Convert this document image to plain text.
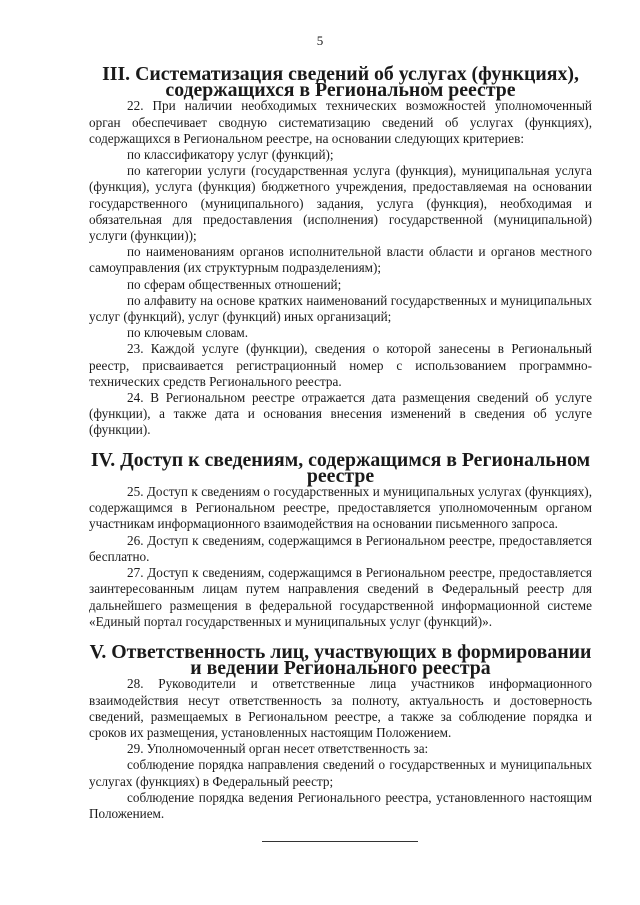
5
III. Систематизация сведений об услугах (функциях),
содержащихся в Региональном реестре

22. При наличии необходимых технических возможностей уполномоченный орган обеспечивает сводную систематизацию сведений об услугах (функциях), содержащихся в Региональном реестре, на основании следующих критериев:

по классификатору услуг (функций);

по категории услуги (государственная услуга (функция), муниципальная услуга (функция), услуга (функция) бюджетного учреждения, предоставляемая на основании государственного (муниципального) задания, услуга (функция), необходимая и обязательная для предоставления (исполнения) государственной (муниципальной) услуги (функции));

по наименованиям органов исполнительной власти области и органов местного самоуправления (их структурным подразделениям);

по сферам общественных отношений;

по алфавиту на основе кратких наименований государственных и муниципальных услуг (функций), услуг (функций) иных организаций;

по ключевым словам.

23. Каждой услуге (функции), сведения о которой занесены в Региональный реестр, присваивается регистрационный номер с использованием программно-технических средств Регионального реестра.

24. В Региональном реестре отражается дата размещения сведений об услуге (функции), а также дата и основания внесения изменений в сведения об услуге (функции).

IV. Доступ к сведениям, содержащимся в Региональном реестре

25. Доступ к сведениям о государственных и муниципальных услугах (функциях), содержащимся в Региональном реестре, предоставляется уполномоченным органом участникам информационного взаимодействия на основании письменного запроса.

26. Доступ к сведениям, содержащимся в Региональном реестре, предоставляется бесплатно.

27. Доступ к сведениям, содержащимся в Региональном реестре, предоставляется заинтересованным лицам путем направления сведений в Федеральный реестр для дальнейшего размещения в федеральной государственной информационной системе «Единый портал государственных и муниципальных услуг (функций)».

V. Ответственность лиц, участвующих в формировании
и ведении Регионального реестра

28. Руководители и ответственные лица участников информационного взаимодействия несут ответственность за полноту, актуальность и достоверность сведений, размещаемых в Региональном реестре, а также за соблюдение порядка и сроков их размещения, установленных настоящим Положением.

29. Уполномоченный орган несет ответственность за:

соблюдение порядка направления сведений о государственных и муниципальных услугах (функциях) в Федеральный реестр;

соблюдение порядка ведения Регионального реестра, установленного настоящим Положением.
